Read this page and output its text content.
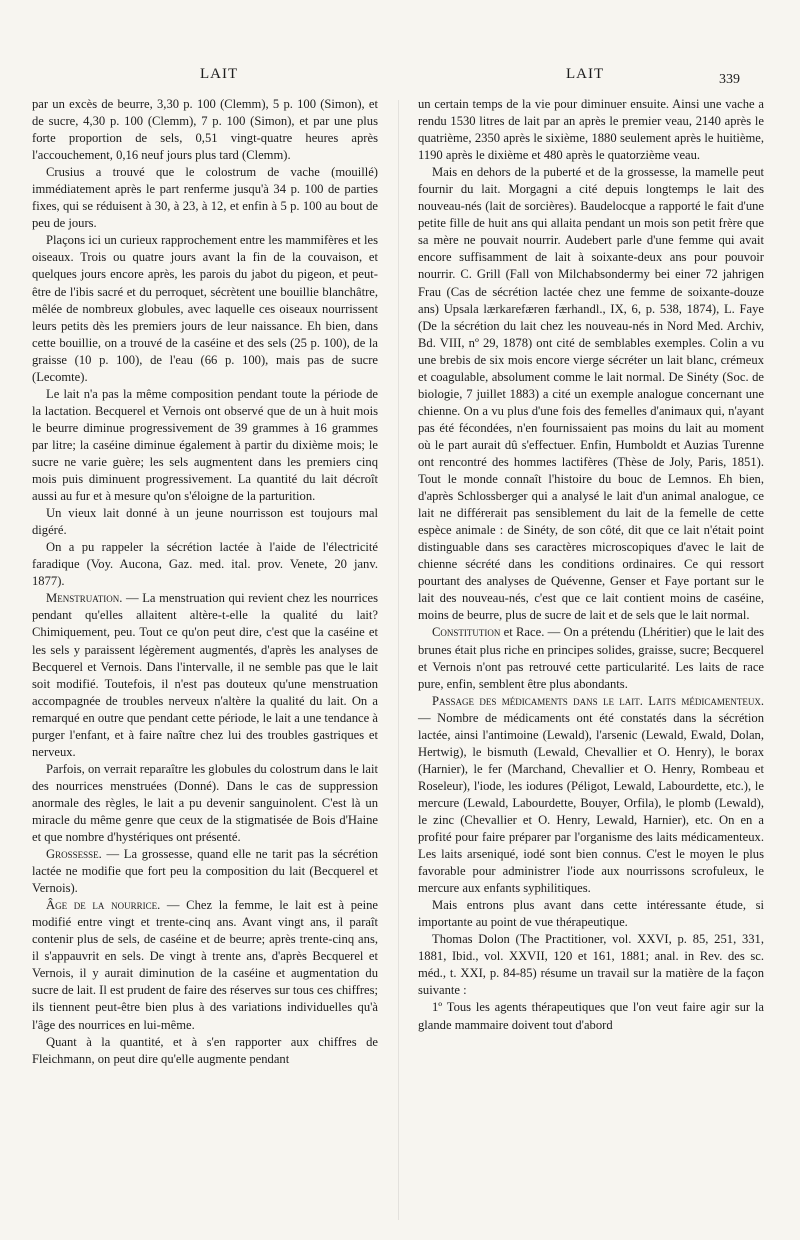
LAIT	LAIT	339

par un excès de beurre, 3,30 p. 100 (Clemm), 5 p. 100 (Simon), et de sucre, 4,30 p. 100 (Clemm), 7 p. 100 (Simon), et par une plus forte proportion de sels, 0,51 vingt-quatre heures après l'accouchement, 0,16 neuf jours plus tard (Clemm).

Crusius a trouvé que le colostrum de vache (mouillé) immédiatement après le part renferme jusqu'à 34 p. 100 de parties fixes, qui se réduisent à 30, à 23, à 12, et enfin à 5 p. 100 au bout de peu de jours.

Plaçons ici un curieux rapprochement entre les mammifères et les oiseaux. Trois ou quatre jours avant la fin de la couvaison, et quelques jours encore après, les parois du jabot du pigeon, et peut-être de l'ibis sacré et du perroquet, sécrètent une bouillie blanchâtre, mêlée de nombreux globules, avec laquelle ces oiseaux nourrissent leurs petits dès les premiers jours de leur naissance. Eh bien, dans cette bouillie, on a trouvé de la caséine et des sels (25 p. 100), de la graisse (10 p. 100), de l'eau (66 p. 100), mais pas de sucre (Lecomte).

Le lait n'a pas la même composition pendant toute la période de la lactation. Becquerel et Vernois ont observé que de un à huit mois le beurre diminue progressivement de 39 grammes à 16 grammes par litre; la caséine diminue également à partir du dixième mois; le sucre ne varie guère; les sels augmentent dans les premiers cinq mois puis diminuent progressivement. La quantité du lait décroît aussi au fur et à mesure qu'on s'éloigne de la parturition.

Un vieux lait donné à un jeune nourrisson est toujours mal digéré.

On a pu rappeler la sécrétion lactée à l'aide de l'électricité faradique (Voy. Aucona, Gaz. med. ital. prov. Venete, 20 janv. 1877).

Menstruation. — La menstruation qui revient chez les nourrices pendant qu'elles allaitent altère-t-elle la qualité du lait? Chimiquement, peu. Tout ce qu'on peut dire, c'est que la caséine et les sels y paraissent légèrement augmentés, d'après les analyses de Becquerel et Vernois. Dans l'intervalle, il ne semble pas que le lait soit modifié. Toutefois, il n'est pas douteux qu'une menstruation accompagnée de troubles nerveux n'altère la qualité du lait. On a remarqué en outre que pendant cette période, le lait a une tendance à purger l'enfant, et à faire naître chez lui des troubles gastriques et nerveux.

Parfois, on verrait reparaître les globules du colostrum dans le lait des nourrices menstruées (Donné). Dans le cas de suppression anormale des règles, le lait a pu devenir sanguinolent. C'est là un miracle du même genre que ceux de la stigmatisée de Bois d'Haine et que nombre d'hystériques ont présenté.

Grossesse. — La grossesse, quand elle ne tarit pas la sécrétion lactée ne modifie que fort peu la composition du lait (Becquerel et Vernois).

Âge de la nourrice. — Chez la femme, le lait est à peine modifié entre vingt et trente-cinq ans. Avant vingt ans, il paraît contenir plus de sels, de caséine et de beurre; après trente-cinq ans, il s'appauvrit en sels. De vingt à trente ans, d'après Becquerel et Vernois, il y aurait diminution de la caséine et augmentation du sucre de lait. Il est prudent de faire des réserves sur tous ces chiffres; ils tiennent peut-être bien plus à des variations individuelles qu'à l'âge des nourrices en lui-même.

Quant à la quantité, et à s'en rapporter aux chiffres de Fleichmann, on peut dire qu'elle augmente pendant

un certain temps de la vie pour diminuer ensuite. Ainsi une vache a rendu 1530 litres de lait par an après le premier veau, 2140 après le quatrième, 2350 après le sixième, 1880 seulement après le huitième, 1190 après le dixième et 480 après le quatorzième veau.

Mais en dehors de la puberté et de la grossesse, la mamelle peut fournir du lait. Morgagni a cité depuis longtemps le lait des nouveau-nés (lait de sorcières). Baudelocque a rapporté le fait d'une petite fille de huit ans qui allaita pendant un mois son petit frère que sa mère ne pouvait nourrir. Audebert parle d'une femme qui avait encore suffisamment de lait à soixante-deux ans pour pouvoir nourrir. C. Grill (Fall von Milchabsondermy bei einer 72 jahrigen Frau (Cas de sécrétion lactée chez une femme de soixante-douze ans) Upsala lærkarefæren færhandl., IX, 6, p. 538, 1874), L. Faye (De la sécrétion du lait chez les nouveau-nés in Nord Med. Archiv, Bd. VIII, nº 29, 1878) ont cité de semblables exemples. Colin a vu une brebis de six mois encore vierge sécréter un lait blanc, crémeux et coagulable, absolument comme le lait normal. De Sinéty (Soc. de biologie, 7 juillet 1883) a cité un exemple analogue concernant une chienne. On a vu plus d'une fois des femelles d'animaux qui, n'ayant pas été fécondées, n'en fournissaient pas moins du lait au moment où le part aurait dû s'effectuer. Enfin, Humboldt et Auzias Turenne ont rencontré des hommes lactifères (Thèse de Joly, Paris, 1851). Tout le monde connaît l'histoire du bouc de Lemnos. Eh bien, d'après Schlossberger qui a analysé le lait d'un animal analogue, ce lait ne différerait pas sensiblement du lait de la femelle de cette espèce animale : de Sinéty, de son côté, dit que ce lait n'était point distinguable dans ses caractères microscopiques d'avec le lait de chienne sécrété dans les conditions ordinaires. Ce qui ressort pourtant des analyses de Quévenne, Genser et Faye portant sur le lait des nouveau-nés, c'est que ce lait contient moins de caséine, moins de beurre, plus de sucre de lait et de sels que le lait normal.

Constitution et Race. — On a prétendu (Lhéritier) que le lait des brunes était plus riche en principes solides, graisse, sucre; Becquerel et Vernois n'ont pas retrouvé cette particularité. Les laits de race pure, enfin, semblent être plus abondants.

Passage des médicaments dans le lait. Laits médicamenteux. — Nombre de médicaments ont été constatés dans la sécrétion lactée, ainsi l'antimoine (Lewald), l'arsenic (Lewald, Ewald, Dolan, Hertwig), le bismuth (Lewald, Chevallier et O. Henry), le borax (Harnier), le fer (Marchand, Chevallier et O. Henry, Rombeau et Roseleur), l'iode, les iodures (Péligot, Lewald, Labourdette, etc.), le mercure (Lewald, Labourdette, Bouyer, Orfila), le plomb (Lewald), le zinc (Chevallier et O. Henry, Lewald, Harnier), etc. On en a profité pour faire préparer par l'organisme des laits médicamenteux. Les laits arseniqué, iodé sont bien connus. C'est le moyen le plus favorable pour administrer l'iode aux nourrissons scrofuleux, le mercure aux enfants syphilitiques.

Mais entrons plus avant dans cette intéressante étude, si importante au point de vue thérapeutique.

Thomas Dolon (The Practitioner, vol. XXVI, p. 85, 251, 331, 1881, Ibid., vol. XXVII, 120 et 161, 1881; anal. in Rev. des sc. méd., t. XXI, p. 84-85) résume un travail sur la matière de la façon suivante :

1º Tous les agents thérapeutiques que l'on veut faire agir sur la glande mammaire doivent tout d'abord
